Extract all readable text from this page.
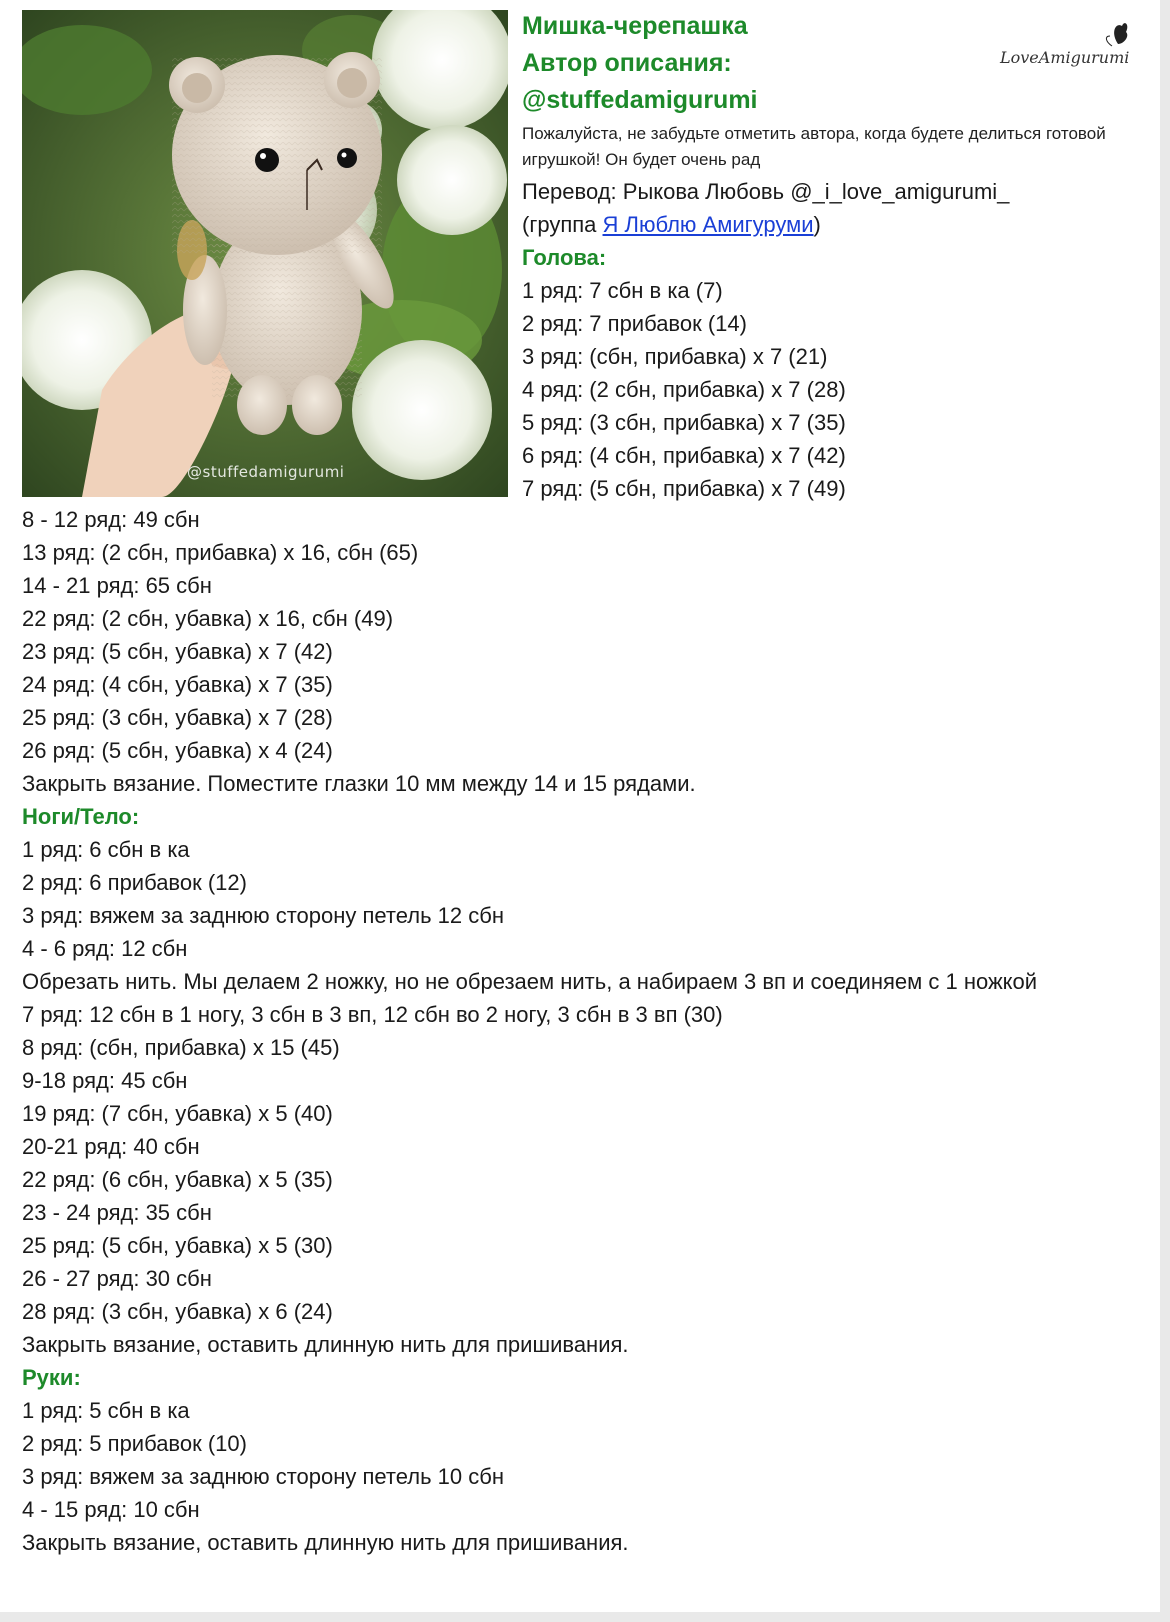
@stuffedamigurumi
LoveAmigurumi

Мишка-черепашка

Автор описания:

@stuffedamigurumi

Пожалуйста, не забудьте отметить автора, когда будете делиться готовой игрушкой! Он будет очень рад

Перевод: Рыкова Любовь @_i_love_amigurumi_

(группа Я Люблю Амигуруми)

Голова:

1 ряд: 7 сбн в ка (7)

2 ряд: 7 прибавок (14)

3 ряд: (сбн, прибавка) х 7 (21)

4 ряд: (2 сбн, прибавка) х 7 (28)

5 ряд: (3 сбн, прибавка) х 7 (35)

6 ряд: (4 сбн, прибавка) х 7 (42)

7 ряд: (5 сбн, прибавка) х 7 (49)

8 - 12 ряд: 49 сбн

13 ряд: (2 сбн, прибавка) х 16, сбн (65)

14 - 21 ряд: 65 сбн

22 ряд: (2 сбн, убавка) х 16, сбн (49)

23 ряд: (5 сбн, убавка) х 7 (42)

24 ряд: (4 сбн, убавка) х 7 (35)

25 ряд: (3 сбн, убавка) х 7 (28)

26 ряд: (5 сбн, убавка) х 4 (24)

Закрыть вязание. Поместите глазки 10 мм между 14 и 15 рядами.

Ноги/Тело:

1 ряд: 6 сбн в ка

2 ряд: 6 прибавок (12)

3 ряд: вяжем за заднюю сторону петель 12 сбн

4 - 6 ряд: 12 сбн

Обрезать нить. Мы делаем 2 ножку, но не обрезаем нить, а набираем 3 вп и соединяем с 1 ножкой

7 ряд: 12 сбн в 1 ногу, 3 сбн в 3 вп, 12 сбн во 2 ногу, 3 сбн в 3 вп (30)

8 ряд: (сбн, прибавка) х 15 (45)

9-18 ряд: 45 сбн

19 ряд: (7 сбн, убавка) х 5 (40)

20-21 ряд: 40 сбн

22 ряд: (6 сбн, убавка) х 5 (35)

23 - 24 ряд: 35 сбн

25 ряд: (5 сбн, убавка) х 5 (30)

26 - 27 ряд: 30 сбн

28 ряд: (3 сбн, убавка) х 6 (24)

Закрыть вязание, оставить длинную нить для пришивания.

Руки:

1 ряд: 5 сбн в ка

2 ряд: 5 прибавок (10)

3 ряд: вяжем за заднюю сторону петель 10 сбн

4 - 15 ряд: 10 сбн

Закрыть вязание, оставить длинную нить для пришивания.
